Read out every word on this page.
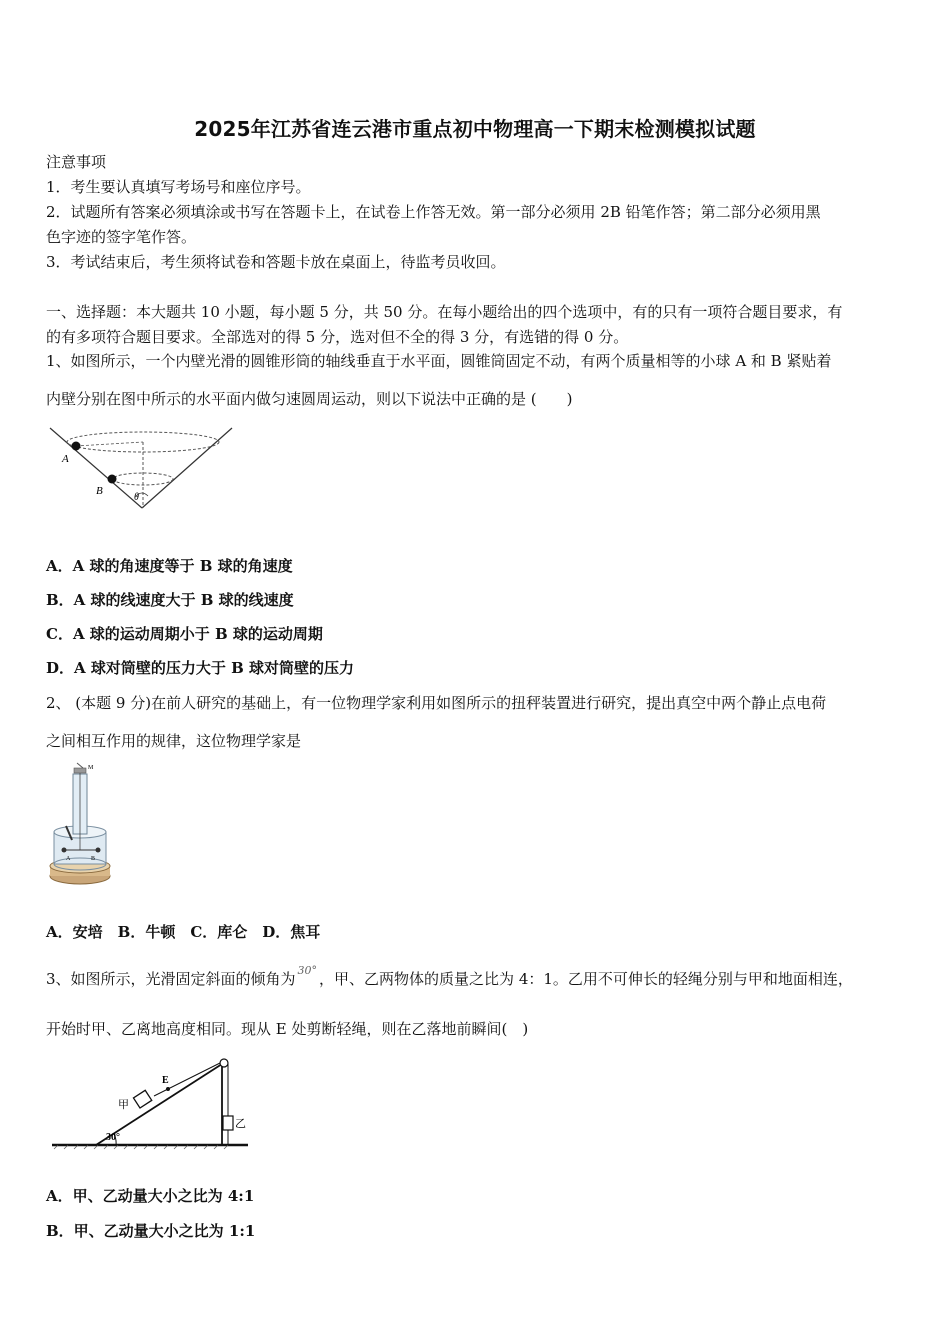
2025年江苏省连云港市重点初中物理高一下期末检测模拟试题
注意事项
1．考生要认真填写考场号和座位序号。
2．试题所有答案必须填涂或书写在答题卡上，在试卷上作答无效。第一部分必须用 2B 铅笔作答；第二部分必须用黑
色字迹的签字笔作答。
3．考试结束后，考生须将试卷和答题卡放在桌面上，待监考员收回。
一、选择题：本大题共 10 小题，每小题 5 分，共 50 分。在每小题给出的四个选项中，有的只有一项符合题目要求，有
的有多项符合题目要求。全部选对的得 5 分，选对但不全的得 3 分，有选错的得 0 分。
1、如图所示，一个内壁光滑的圆锥形筒的轴线垂直于水平面，圆锥筒固定不动，有两个质量相等的小球 A 和 B 紧贴着
内壁分别在图中所示的水平面内做匀速圆周运动，则以下说法中正确的是 (　　)
A
B
θ
A．A 球的角速度等于 B 球的角速度
B．A 球的线速度大于 B 球的线速度
C．A 球的运动周期小于 B 球的运动周期
D．A 球对筒壁的压力大于 B 球对筒壁的压力
2、 (本题 9 分)在前人研究的基础上，有一位物理学家利用如图所示的扭秤装置进行研究，提出真空中两个静止点电荷
之间相互作用的规律，这位物理学家是
M
A	B
A．安培　B．牛顿　C．库仑　D．焦耳
3、如图所示，光滑固定斜面的倾角为 $^{30^\circ}$ ，甲、乙两物体的质量之比为 4：1。乙用不可伸长的轻绳分别与甲和地面相连，
开始时甲、乙离地高度相同。现从 E 处剪断轻绳，则在乙落地前瞬间(　)
30°
甲
E
乙
A．甲、乙动量大小之比为 4:1
B．甲、乙动量大小之比为 1:1
